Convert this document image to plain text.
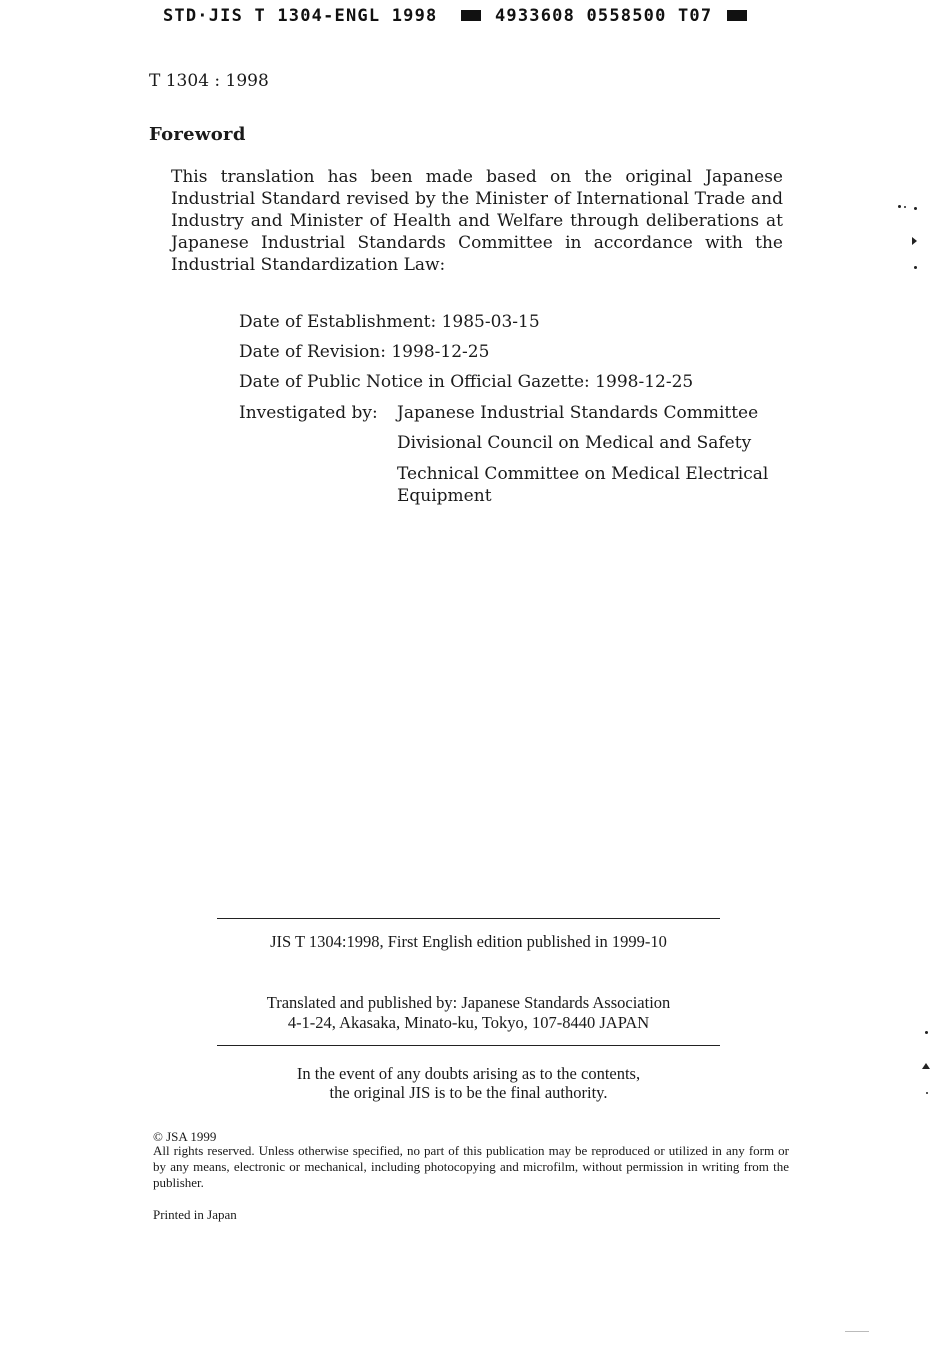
STD·JIS T 1304-ENGL 1998	4933608 0558500 T07
T 1304 : 1998
Foreword
This translation has been made based on the original Japanese Industrial Standard revised by the Minister of International Trade and Industry and Minister of Health and Welfare through deliberations at Japanese Industrial Standards Committee in accordance with the Industrial Standardization Law:
Date of Establishment: 1985-03-15
Date of Revision: 1998-12-25
Date of Public Notice in Official Gazette: 1998-12-25
Investigated by: Japanese Industrial Standards Committee
Divisional Council on Medical and Safety
Technical Committee on Medical Electrical Equipment
JIS T 1304:1998, First English edition published in 1999-10
Translated and published by: Japanese Standards Association
4-1-24, Akasaka, Minato-ku, Tokyo, 107-8440 JAPAN
In the event of any doubts arising as to the contents,
the original JIS is to be the final authority.
© JSA 1999
All rights reserved. Unless otherwise specified, no part of this publication may be reproduced or utilized in any form or by any means, electronic or mechanical, including photocopying and microfilm, without permission in writing from the publisher.
Printed in Japan
